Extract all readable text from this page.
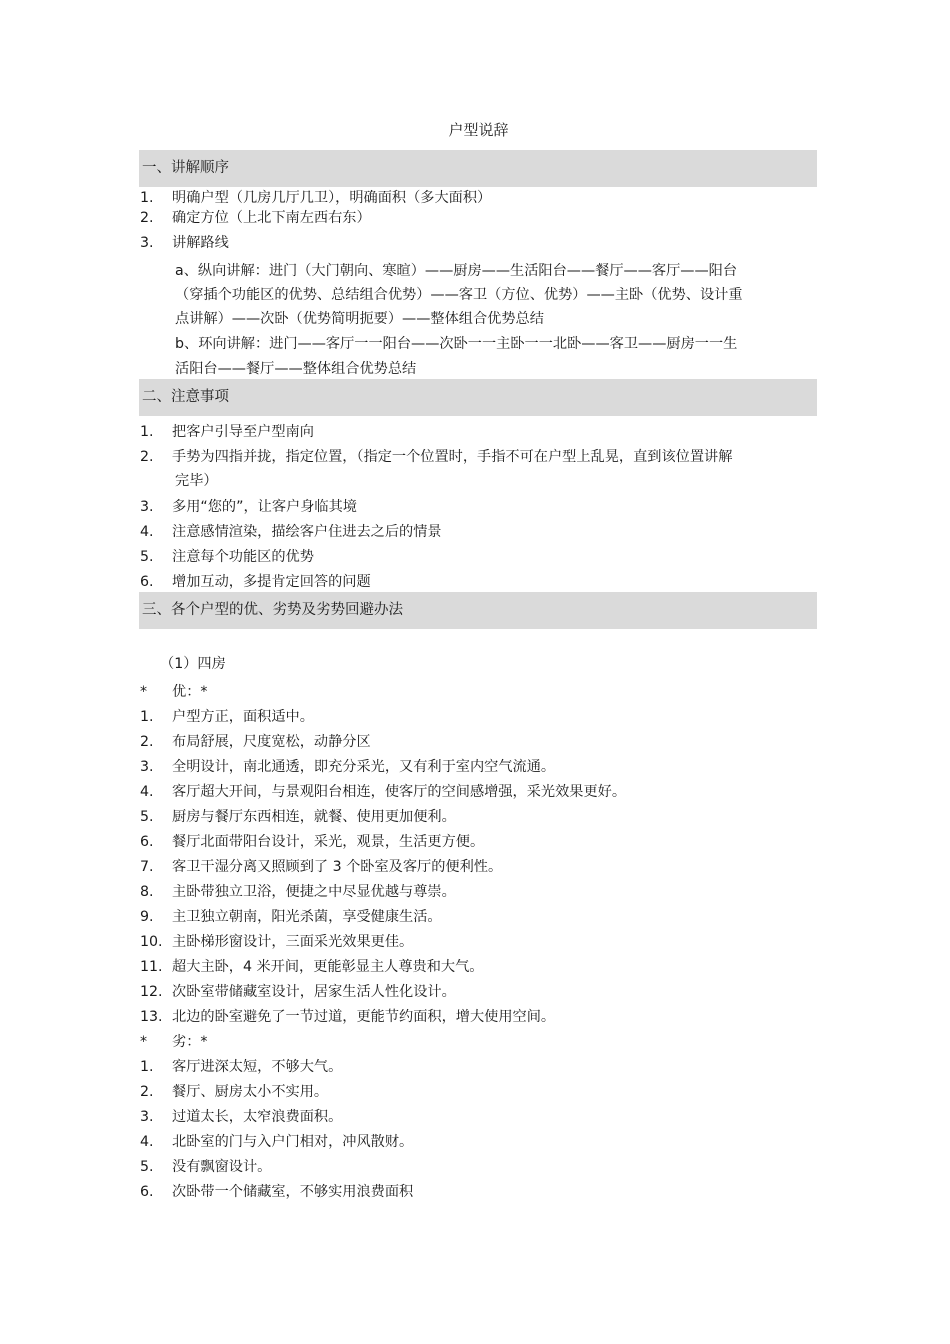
户型说辞
一、讲解顺序
1. 明确户型（几房几厅几卫），明确面积（多大面积）
2. 确定方位（上北下南左西右东）
3. 讲解路线
a、纵向讲解：进门（大门朝向、寒暄）——厨房——生活阳台——餐厅——客厅——阳台
（穿插个功能区的优势、总结组合优势）——客卫（方位、优势）——主卧（优势、设计重
点讲解）——次卧（优势简明扼要）——整体组合优势总结
b、环向讲解：进门——客厅一一阳台——次卧一一主卧一一北卧——客卫——厨房一一生
活阳台——餐厅——整体组合优势总结
二、注意事项
1. 把客户引导至户型南向
2. 手势为四指并拢，指定位置，（指定一个位置时，手指不可在户型上乱晃，直到该位置讲解
完毕）
3. 多用“您的”，让客户身临其境
4. 注意感情渲染，描绘客户住进去之后的情景
5. 注意每个功能区的优势
6. 增加互动，多提肯定回答的问题
三、各个户型的优、劣势及劣势回避办法
（1）四房
* 优：*
1. 户型方正，面积适中。
2. 布局舒展，尺度宽松，动静分区
3. 全明设计，南北通透，即充分采光，又有利于室内空气流通。
4. 客厅超大开间，与景观阳台相连，使客厅的空间感增强，采光效果更好。
5. 厨房与餐厅东西相连，就餐、使用更加便利。
6. 餐厅北面带阳台设计，采光，观景，生活更方便。
7. 客卫干湿分离又照顾到了 3 个卧室及客厅的便利性。
8. 主卧带独立卫浴，便捷之中尽显优越与尊崇。
9. 主卫独立朝南，阳光杀菌，享受健康生活。
10. 主卧梯形窗设计，三面采光效果更佳。
11. 超大主卧，4 米开间，更能彰显主人尊贵和大气。
12. 次卧室带储藏室设计，居家生活人性化设计。
13. 北边的卧室避免了一节过道，更能节约面积，增大使用空间。
* 劣：*
1. 客厅进深太短，不够大气。
2. 餐厅、厨房太小不实用。
3. 过道太长，太窄浪费面积。
4. 北卧室的门与入户门相对，冲风散财。
5. 没有飘窗设计。
6. 次卧带一个储藏室，不够实用浪费面积
